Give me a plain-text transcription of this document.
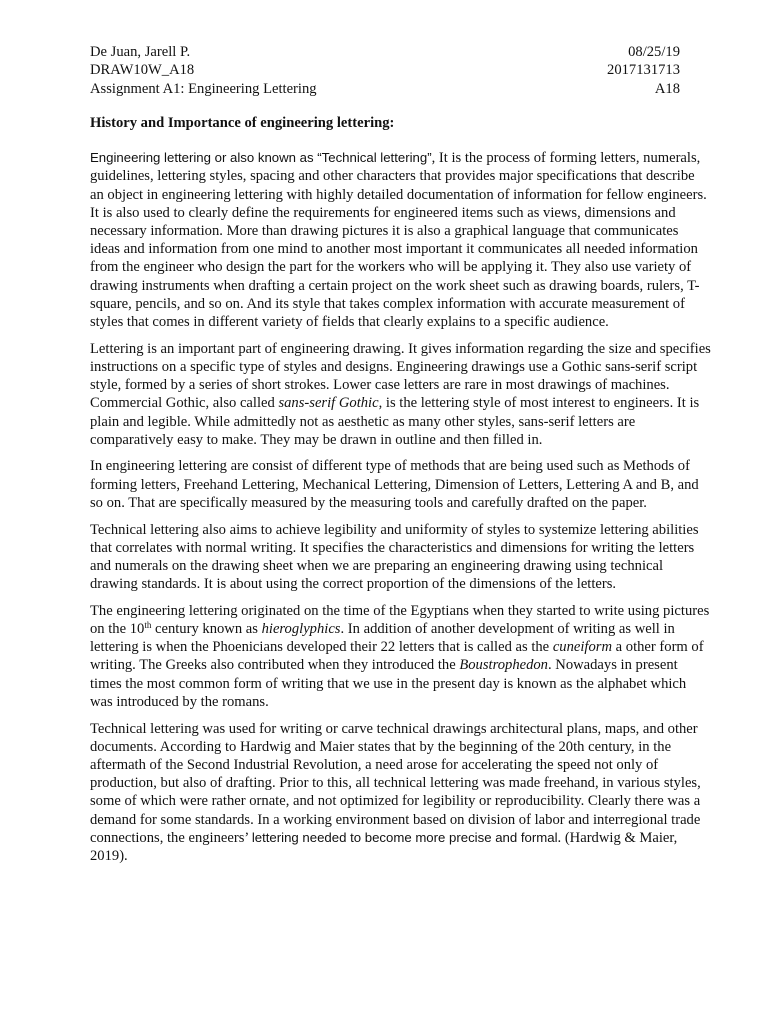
De Juan, Jarell P.	08/25/19
DRAW10W_A18	2017131713
Assignment A1: Engineering Lettering	A18
History and Importance of engineering lettering:

Engineering lettering or also known as “Technical lettering”, It is the process of forming letters, numerals,
guidelines, lettering styles, spacing and other characters that provides major specifications that describe
an object in engineering lettering with highly detailed documentation of information for fellow engineers.
It is also used to clearly define the requirements for engineered items such as views, dimensions and
necessary information. More than drawing pictures it is also a graphical language that communicates
ideas and information from one mind to another most important it communicates all needed information
from the engineer who design the part for the workers who will be applying it. They also use variety of
drawing instruments when drafting a certain project on the work sheet such as drawing boards, rulers, T-
square, pencils, and so on. And its style that takes complex information with accurate measurement of
styles that comes in different variety of fields that clearly explains to a specific audience.

Lettering is an important part of engineering drawing. It gives information regarding the size and specifies
instructions on a specific type of styles and designs. Engineering drawings use a Gothic sans-serif script
style, formed by a series of short strokes. Lower case letters are rare in most drawings of machines.
Commercial Gothic, also called sans-serif Gothic, is the lettering style of most interest to engineers. It is
plain and legible. While admittedly not as aesthetic as many other styles, sans-serif letters are
comparatively easy to make. They may be drawn in outline and then filled in.

In engineering lettering are consist of different type of methods that are being used such as Methods of
forming letters, Freehand Lettering, Mechanical Lettering, Dimension of Letters, Lettering A and B, and
so on. That are specifically measured by the measuring tools and carefully drafted on the paper.

Technical lettering also aims to achieve legibility and uniformity of styles to systemize lettering abilities
that correlates with normal writing. It specifies the characteristics and dimensions for writing the letters
and numerals on the drawing sheet when we are preparing an engineering drawing using technical
drawing standards. It is about using the correct proportion of the dimensions of the letters.

The engineering lettering originated on the time of the Egyptians when they started to write using pictures
on the 10th century known as hieroglyphics. In addition of another development of writing as well in
lettering is when the Phoenicians developed their 22 letters that is called as the cuneiform a other form of
writing. The Greeks also contributed when they introduced the Boustrophedon. Nowadays in present
times the most common form of writing that we use in the present day is known as the alphabet which
was introduced by the romans.

Technical lettering was used for writing or carve technical drawings architectural plans, maps, and other
documents. According to Hardwig and Maier states that by the beginning of the 20th century, in the
aftermath of the Second Industrial Revolution, a need arose for accelerating the speed not only of
production, but also of drafting. Prior to this, all technical lettering was made freehand, in various styles,
some of which were rather ornate, and not optimized for legibility or reproducibility. Clearly there was a
demand for some standards. In a working environment based on division of labor and interregional trade
connections, the engineers’ lettering needed to become more precise and formal. (Hardwig & Maier,
2019).
